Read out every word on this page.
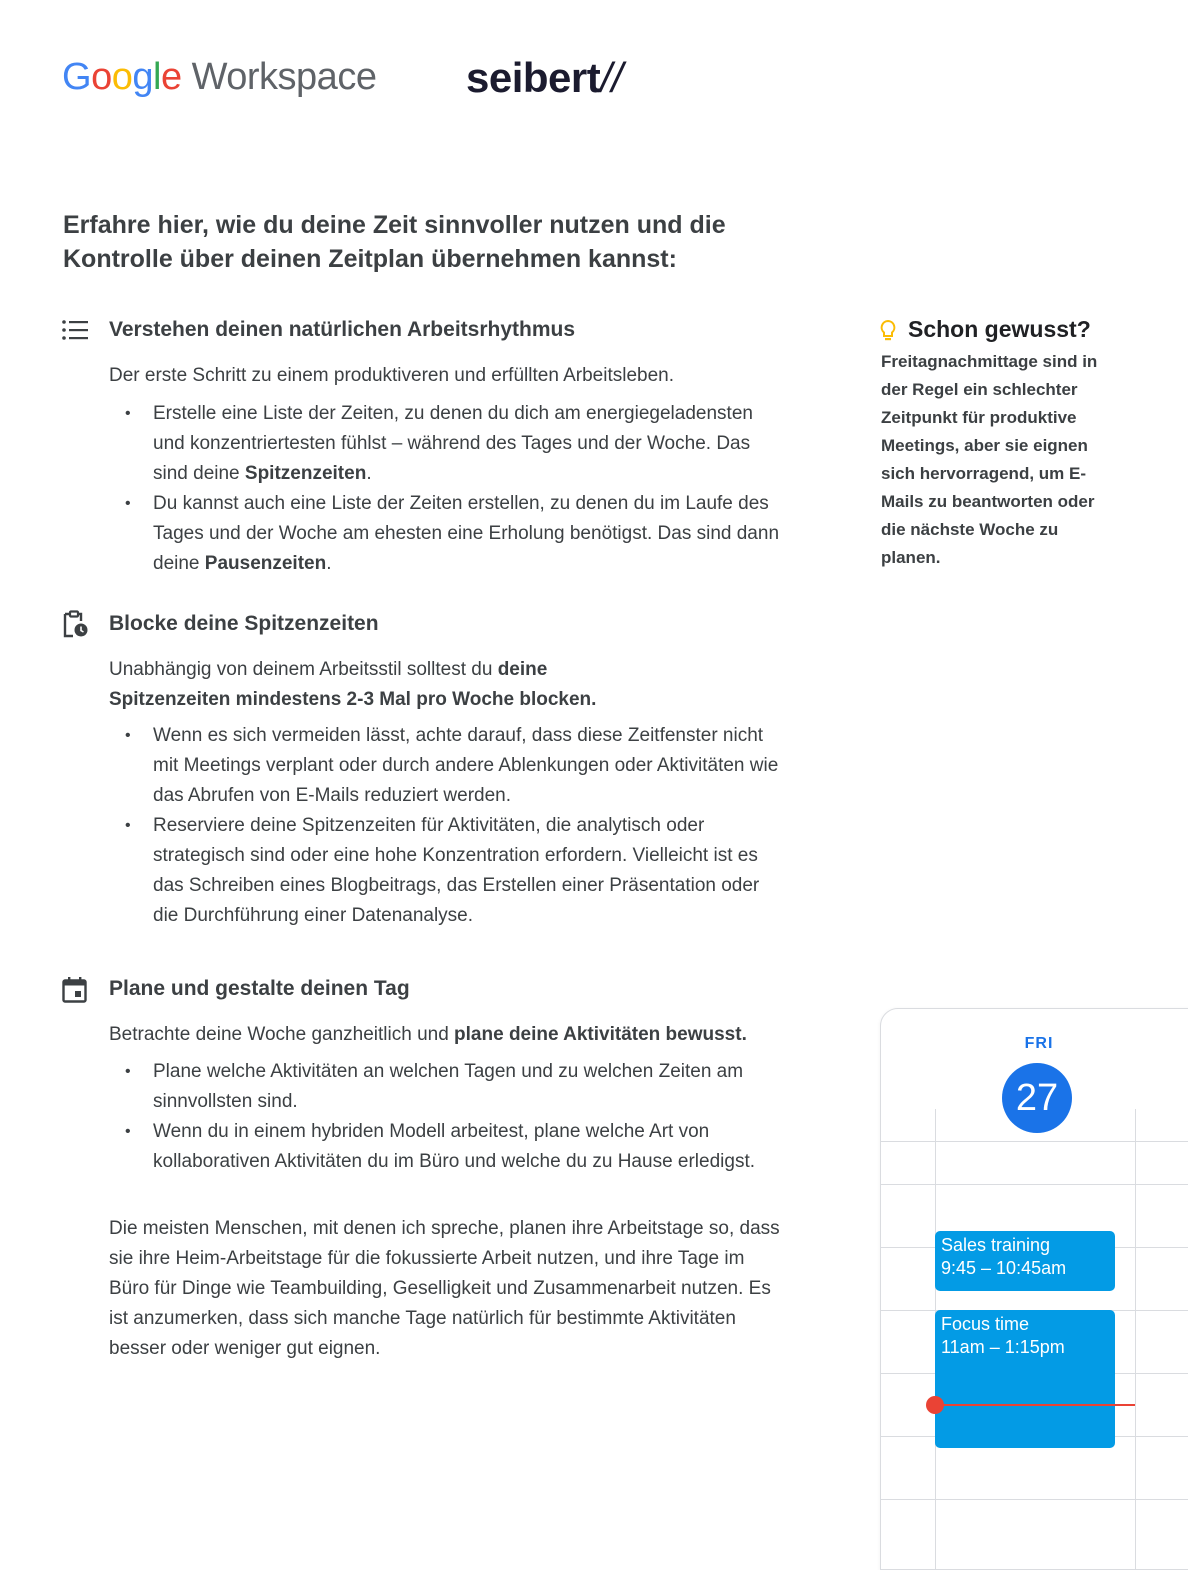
Google Workspace seibert//
Erfahre hier, wie du deine Zeit sinnvoller nutzen und die Kontrolle über deinen Zeitplan übernehmen kannst:
Verstehen deinen natürlichen Arbeitsrhythmus

Der erste Schritt zu einem produktiveren und erfüllten Arbeitsleben.

• Erstelle eine Liste der Zeiten, zu denen du dich am energiegeladensten und konzentriertesten fühlst – während des Tages und der Woche. Das sind deine Spitzenzeiten.
• Du kannst auch eine Liste der Zeiten erstellen, zu denen du im Laufe des Tages und der Woche am ehesten eine Erholung benötigst. Das sind dann deine Pausenzeiten.
Blocke deine Spitzenzeiten

Unabhängig von deinem Arbeitsstil solltest du deine Spitzenzeiten mindestens 2-3 Mal pro Woche blocken.

• Wenn es sich vermeiden lässt, achte darauf, dass diese Zeitfenster nicht mit Meetings verplant oder durch andere Ablenkungen oder Aktivitäten wie das Abrufen von E-Mails reduziert werden.
• Reserviere deine Spitzenzeiten für Aktivitäten, die analytisch oder strategisch sind oder eine hohe Konzentration erfordern. Vielleicht ist es das Schreiben eines Blogbeitrags, das Erstellen einer Präsentation oder die Durchführung einer Datenanalyse.
Plane und gestalte deinen Tag

Betrachte deine Woche ganzheitlich und plane deine Aktivitäten bewusst.

• Plane welche Aktivitäten an welchen Tagen und zu welchen Zeiten am sinnvollsten sind.
• Wenn du in einem hybriden Modell arbeitest, plane welche Art von kollaborativen Aktivitäten du im Büro und welche du zu Hause erledigst.

Die meisten Menschen, mit denen ich spreche, planen ihre Arbeitstage so, dass sie ihre Heim-Arbeitstage für die fokussierte Arbeit nutzen, und ihre Tage im Büro für Dinge wie Teambuilding, Geselligkeit und Zusammenarbeit nutzen. Es ist anzumerken, dass sich manche Tage natürlich für bestimmte Aktivitäten besser oder weniger gut eignen.

Schon gewusst?

Freitagnachmittage sind in der Regel ein schlechter Zeitpunkt für produktive Meetings, aber sie eignen sich hervorragend, um E-Mails zu beantworten oder die nächste Woche zu planen.

FRI
27
Sales training
9:45 – 10:45am
Focus time
11am – 1:15pm
